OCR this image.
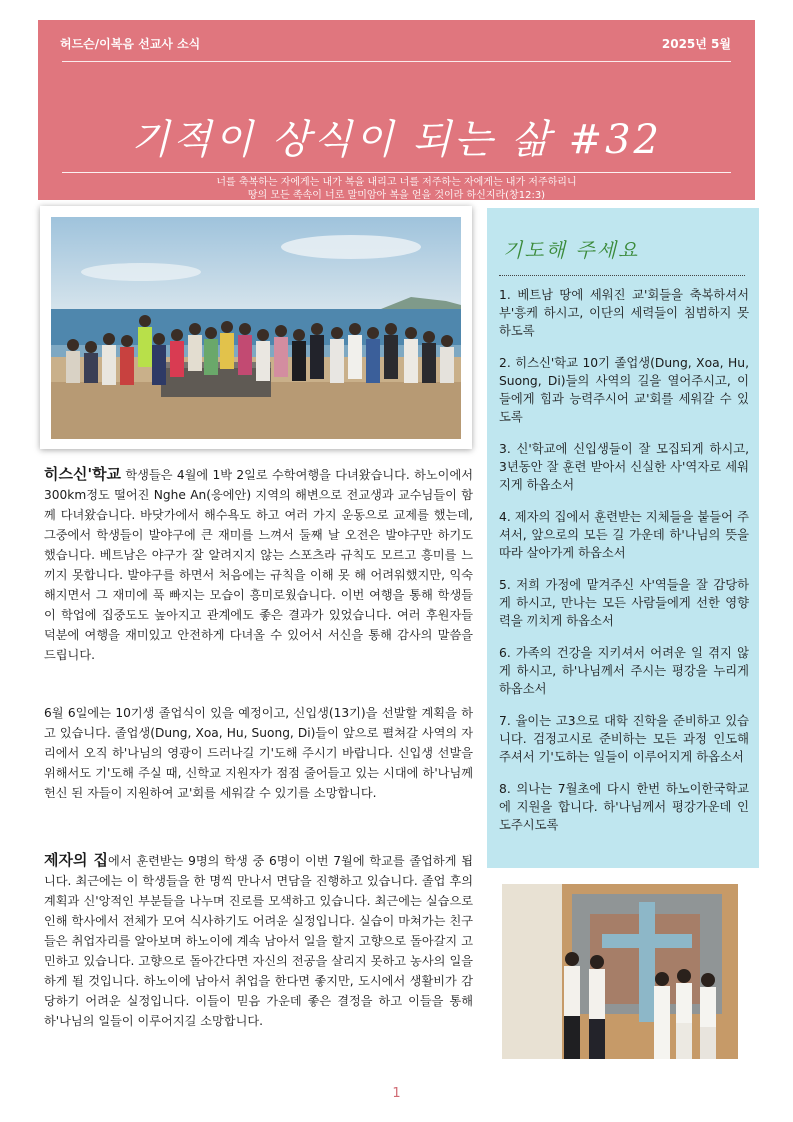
허드슨/이복음 선교사 소식	2025년 5월
기적이 상식이 되는 삶 #32
너를 축복하는 자에게는 내가 복을 내리고 너를 저주하는 자에게는 내가 저주하리니
땅의 모든 족속이 너로 말미암아 복을 얻을 것이라 하신지라(창12:3)
기도해 주세요
1. 베트남 땅에 세워진 교'회들을 축복하셔서 부'흥케 하시고, 이단의 세력들이 침범하지 못하도록
2. 히스신'학교 10기 졸업생(Dung, Xoa, Hu, Suong, Di)들의 사역의 길을 열어주시고, 이들에게 힘과 능력주시어 교'회를 세워갈 수 있도록
3. 신'학교에 신입생들이 잘 모집되게 하시고, 3년동안 잘 훈련 받아서 신실한 사'역자로 세워지게 하옵소서
4. 제자의 집에서 훈련받는 지체들을 붙들어 주셔서, 앞으로의 모든 길 가운데 하'나님의 뜻을 따라 살아가게 하옵소서
5. 저희 가정에 맡겨주신 사'역들을 잘 감당하게 하시고, 만나는 모든 사람들에게 선한 영향력을 끼치게 하옵소서
6. 가족의 건강을 지키셔서 어려운 일 겪지 않게 하시고, 하'나님께서 주시는 평강을 누리게 하옵소서
7. 율이는 고3으로 대학 진학을 준비하고 있습니다. 검정고시로 준비하는 모든 과정 인도해 주셔서 기'도하는 일들이 이루어지게 하옵소서
8. 의나는 7월초에 다시 한번 하노이한국학교에 지원을 합니다. 하'나님께서 평강가운데 인도주시도록
히스신'학교 학생들은 4월에 1박 2일로 수학여행을 다녀왔습니다. 하노이에서 300km정도 떨어진 Nghe An(응에안) 지역의 해변으로 전교생과 교수님들이 함께 다녀왔습니다. 바닷가에서 해수욕도 하고 여러 가지 운동으로 교제를 했는데, 그중에서 학생들이 발야구에 큰 재미를 느껴서 둘째 날 오전은 발야구만 하기도 했습니다. 베트남은 야구가 잘 알려지지 않는 스포츠라 규칙도 모르고 흥미를 느끼지 못합니다. 발야구를 하면서 처음에는 규칙을 이해 못 해 어려워했지만, 익숙해지면서 그 재미에 푹 빠지는 모습이 흥미로웠습니다. 이번 여행을 통해 학생들이 학업에 집중도도 높아지고 관계에도 좋은 결과가 있었습니다. 여러 후원자들 덕분에 여행을 재미있고 안전하게 다녀올 수 있어서 서신을 통해 감사의 말씀을 드립니다.
6월 6일에는 10기생 졸업식이 있을 예정이고, 신입생(13기)을 선발할 계획을 하고 있습니다. 졸업생(Dung, Xoa, Hu, Suong, Di)들이 앞으로 펼쳐갈 사역의 자리에서 오직 하'나님의 영광이 드러나길 기'도해 주시기 바랍니다. 신입생 선발을 위해서도 기'도해 주실 때, 신학교 지원자가 점점 줄어들고 있는 시대에 하'나님께 헌신 된 자들이 지원하여 교'회를 세워갈 수 있기를 소망합니다.
제자의 집에서 훈련받는 9명의 학생 중 6명이 이번 7월에 학교를 졸업하게 됩니다. 최근에는 이 학생들을 한 명씩 만나서 면담을 진행하고 있습니다. 졸업 후의 계획과 신'앙적인 부분들을 나누며 진로를 모색하고 있습니다. 최근에는 실습으로 인해 학사에서 전체가 모여 식사하기도 어려운 실정입니다. 실습이 마쳐가는 친구들은 취업자리를 알아보며 하노이에 계속 남아서 일을 할지 고향으로 돌아갈지 고민하고 있습니다. 고향으로 돌아간다면 자신의 전공을 살리지 못하고 농사의 일을 하게 될 것입니다. 하노이에 남아서 취업을 한다면 좋지만, 도시에서 생활비가 감당하기 어려운 실정입니다. 이들이 믿음 가운데 좋은 결정을 하고 이들을 통해 하'나님의 일들이 이루어지길 소망합니다.
1
